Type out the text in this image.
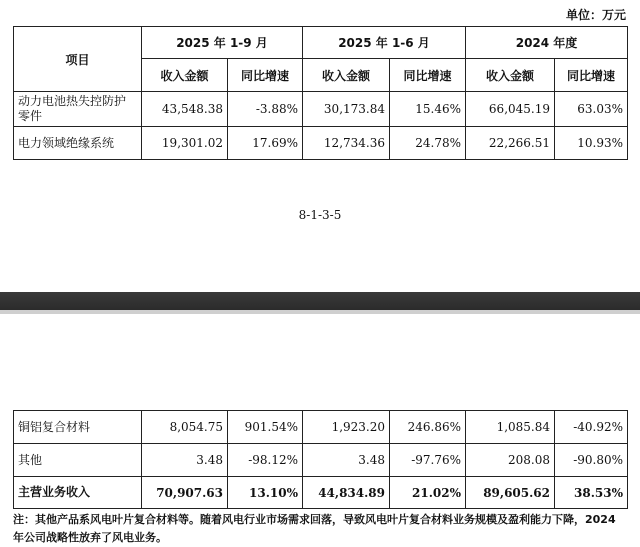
单位：万元
项目	2025 年 1-9 月		2025 年 1-6 月		2024 年度	
	收入金额	同比增速	收入金额	同比增速	收入金额	同比增速
动力电池热失控防护零件	43,548.38	-3.88%	30,173.84	15.46%	66,045.19	63.03%
电力领域绝缘系统	19,301.02	17.69%	12,734.36	24.78%	22,266.51	10.93%
8-1-3-5
铜铝复合材料	8,054.75	901.54%	1,923.20	246.86%	1,085.84	-40.92%
其他	3.48	-98.12%	3.48	-97.76%	208.08	-90.80%
主营业务收入	70,907.63	13.10%	44,834.89	21.02%	89,605.62	38.53%
注：其他产品系风电叶片复合材料等。随着风电行业市场需求回落，导致风电叶片复合材料业务规模及盈利能力下降，2024 年公司战略性放弃了风电业务。
